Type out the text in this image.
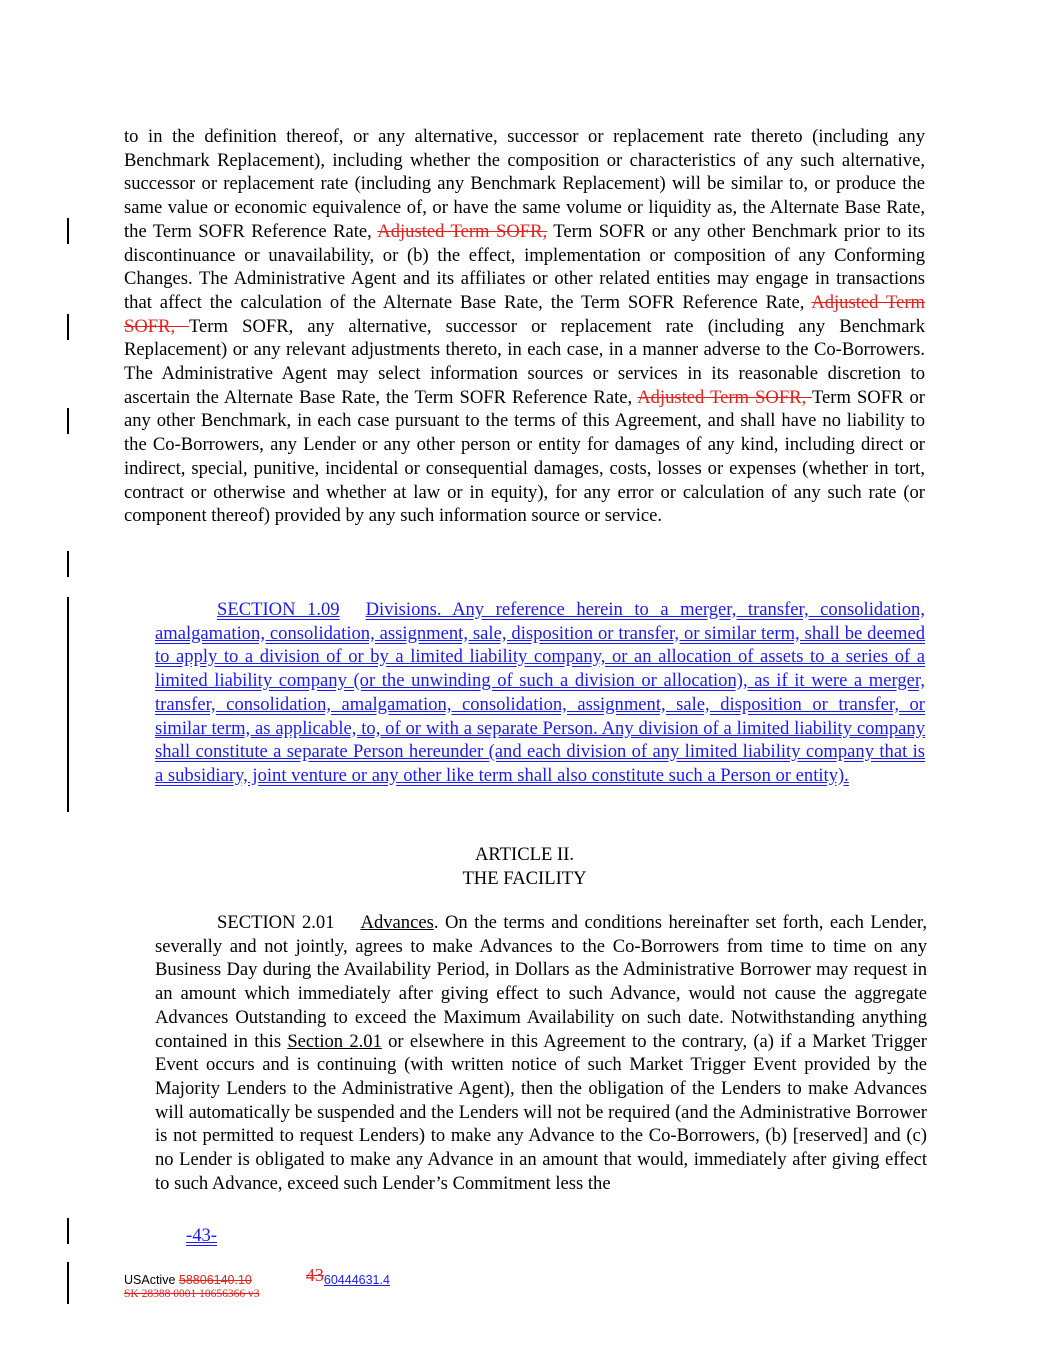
to in the definition thereof, or any alternative, successor or replacement rate thereto (including any Benchmark Replacement), including whether the composition or characteristics of any such alternative, successor or replacement rate (including any Benchmark Replacement) will be similar to, or produce the same value or economic equivalence of, or have the same volume or liquidity as, the Alternate Base Rate, the Term SOFR Reference Rate, Adjusted Term SOFR, Term SOFR or any other Benchmark prior to its discontinuance or unavailability, or (b) the effect, implementation or composition of any Conforming Changes. The Administrative Agent and its affiliates or other related entities may engage in transactions that affect the calculation of the Alternate Base Rate, the Term SOFR Reference Rate, Adjusted Term SOFR, Term SOFR, any alternative, successor or replacement rate (including any Benchmark Replacement) or any relevant adjustments thereto, in each case, in a manner adverse to the Co-Borrowers. The Administrative Agent may select information sources or services in its reasonable discretion to ascertain the Alternate Base Rate, the Term SOFR Reference Rate, Adjusted Term SOFR, Term SOFR or any other Benchmark, in each case pursuant to the terms of this Agreement, and shall have no liability to the Co-Borrowers, any Lender or any other person or entity for damages of any kind, including direct or indirect, special, punitive, incidental or consequential damages, costs, losses or expenses (whether in tort, contract or otherwise and whether at law or in equity), for any error or calculation of any such rate (or component thereof) provided by any such information source or service.

SECTION 1.09 Divisions. Any reference herein to a merger, transfer, consolidation, amalgamation, consolidation, assignment, sale, disposition or transfer, or similar term, shall be deemed to apply to a division of or by a limited liability company, or an allocation of assets to a series of a limited liability company (or the unwinding of such a division or allocation), as if it were a merger, transfer, consolidation, amalgamation, consolidation, assignment, sale, disposition or transfer, or similar term, as applicable, to, of or with a separate Person. Any division of a limited liability company shall constitute a separate Person hereunder (and each division of any limited liability company that is a subsidiary, joint venture or any other like term shall also constitute such a Person or entity).

ARTICLE II.
THE FACILITY

SECTION 2.01 Advances. On the terms and conditions hereinafter set forth, each Lender, severally and not jointly, agrees to make Advances to the Co-Borrowers from time to time on any Business Day during the Availability Period, in Dollars as the Administrative Borrower may request in an amount which immediately after giving effect to such Advance, would not cause the aggregate Advances Outstanding to exceed the Maximum Availability on such date. Notwithstanding anything contained in this Section 2.01 or elsewhere in this Agreement to the contrary, (a) if a Market Trigger Event occurs and is continuing (with written notice of such Market Trigger Event provided by the Majority Lenders to the Administrative Agent), then the obligation of the Lenders to make Advances will automatically be suspended and the Lenders will not be required (and the Administrative Borrower is not permitted to request Lenders) to make any Advance to the Co-Borrowers, (b) [reserved] and (c) no Lender is obligated to make any Advance in an amount that would, immediately after giving effect to such Advance, exceed such Lender’s Commitment less the

-43-
USActive 58806140.10	4360444631.4
SK 28388 0001 10656366 v3
